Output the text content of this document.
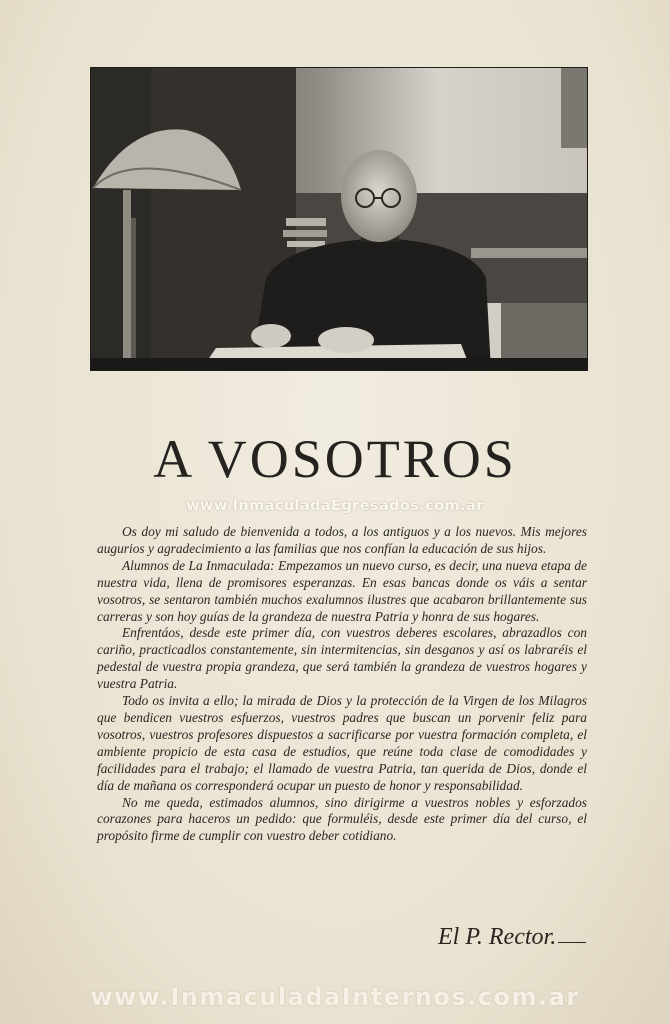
A VOSOTROS
www.InmaculadaEgresados.com.ar

Os doy mi saludo de bienvenida a todos, a los antiguos y a los nuevos. Mis mejores augurios y agradecimiento a las familias que nos confían la educación de sus hijos.

Alumnos de La Inmaculada: Empezamos un nuevo curso, es decir, una nueva etapa de nuestra vida, llena de promisores esperanzas. En esas bancas donde os váis a sentar vosotros, se sentaron también muchos exalumnos ilustres que acabaron brillantemente sus carreras y son hoy guías de la grandeza de nuestra Patria y honra de sus hogares.

Enfrentáos, desde este primer día, con vuestros deberes escolares, abrazadlos con cariño, practicadlos constantemente, sin intermitencias, sin desganos y así os labraréis el pedestal de vuestra propia grandeza, que será también la grandeza de vuestros hogares y vuestra Patria.

Todo os invita a ello; la mirada de Dios y la protección de la Virgen de los Milagros que bendicen vuestros esfuerzos, vuestros padres que buscan un porvenir feliz para vosotros, vuestros profesores dispuestos a sacrificarse por vuestra formación completa, el ambiente propicio de esta casa de estudios, que reúne toda clase de comodidades y facilidades para el trabajo; el llamado de vuestra Patria, tan querida de Dios, donde el día de mañana os corresponderá ocupar un puesto de honor y responsabilidad.

No me queda, estimados alumnos, sino dirigirme a vuestros nobles y esforzados corazones para haceros un pedido: que formuléis, desde este primer día del curso, el propósito firme de cumplir con vuestro deber cotidiano.

El P. Rector.
www.InmaculadaInternos.com.ar
